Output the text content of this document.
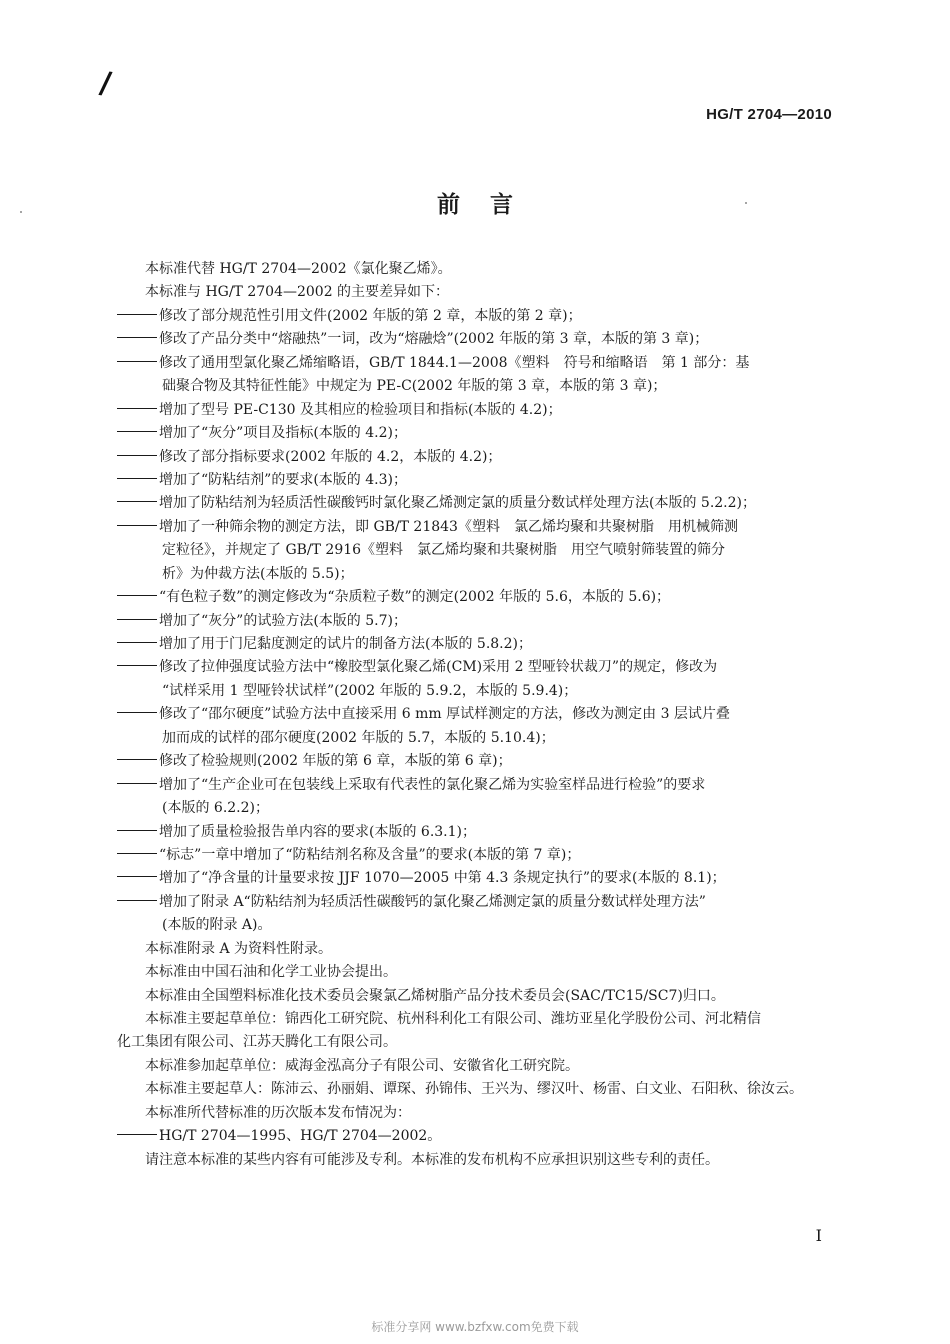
/
HG/T 2704—2010
前言
本标准代替 HG/T 2704—2002《氯化聚乙烯》。
本标准与 HG/T 2704—2002 的主要差异如下：
修改了部分规范性引用文件(2002 年版的第 2 章，本版的第 2 章)；
修改了产品分类中“熔融热”一词，改为“熔融焓”(2002 年版的第 3 章，本版的第 3 章)；
修改了通用型氯化聚乙烯缩略语，GB/T 1844.1—2008《塑料　符号和缩略语　第 1 部分：基
础聚合物及其特征性能》中规定为 PE-C(2002 年版的第 3 章，本版的第 3 章)；
增加了型号 PE-C130 及其相应的检验项目和指标(本版的 4.2)；
增加了“灰分”项目及指标(本版的 4.2)；
修改了部分指标要求(2002 年版的 4.2，本版的 4.2)；
增加了“防粘结剂”的要求(本版的 4.3)；
增加了防粘结剂为轻质活性碳酸钙时氯化聚乙烯测定氯的质量分数试样处理方法(本版的 5.2.2)；
增加了一种筛余物的测定方法，即 GB/T 21843《塑料　氯乙烯均聚和共聚树脂　用机械筛测
定粒径》，并规定了 GB/T 2916《塑料　氯乙烯均聚和共聚树脂　用空气喷射筛装置的筛分
析》为仲裁方法(本版的 5.5)；
“有色粒子数”的测定修改为“杂质粒子数”的测定(2002 年版的 5.6，本版的 5.6)；
增加了“灰分”的试验方法(本版的 5.7)；
增加了用于门尼黏度测定的试片的制备方法(本版的 5.8.2)；
修改了拉伸强度试验方法中“橡胶型氯化聚乙烯(CM)采用 2 型哑铃状裁刀”的规定，修改为
“试样采用 1 型哑铃状试样”(2002 年版的 5.9.2，本版的 5.9.4)；
修改了“邵尔硬度”试验方法中直接采用 6 mm 厚试样测定的方法，修改为测定由 3 层试片叠
加而成的试样的邵尔硬度(2002 年版的 5.7，本版的 5.10.4)；
修改了检验规则(2002 年版的第 6 章，本版的第 6 章)；
增加了“生产企业可在包装线上采取有代表性的氯化聚乙烯为实验室样品进行检验”的要求
(本版的 6.2.2)；
增加了质量检验报告单内容的要求(本版的 6.3.1)；
“标志”一章中增加了“防粘结剂名称及含量”的要求(本版的第 7 章)；
增加了“净含量的计量要求按 JJF 1070—2005 中第 4.3 条规定执行”的要求(本版的 8.1)；
增加了附录 A“防粘结剂为轻质活性碳酸钙的氯化聚乙烯测定氯的质量分数试样处理方法”
(本版的附录 A)。
本标准附录 A 为资料性附录。
本标准由中国石油和化学工业协会提出。
本标准由全国塑料标准化技术委员会聚氯乙烯树脂产品分技术委员会(SAC/TC15/SC7)归口。
本标准主要起草单位：锦西化工研究院、杭州科利化工有限公司、潍坊亚星化学股份公司、河北精信
化工集团有限公司、江苏天腾化工有限公司。
本标准参加起草单位：威海金泓高分子有限公司、安徽省化工研究院。
本标准主要起草人：陈沛云、孙丽娟、谭琛、孙锦伟、王兴为、缪汉叶、杨雷、白文业、石阳秋、徐汝云。
本标准所代替标准的历次版本发布情况为：
HG/T 2704—1995、HG/T 2704—2002。
请注意本标准的某些内容有可能涉及专利。本标准的发布机构不应承担识别这些专利的责任。
I
标准分享网 www.bzfxw.com免费下载
